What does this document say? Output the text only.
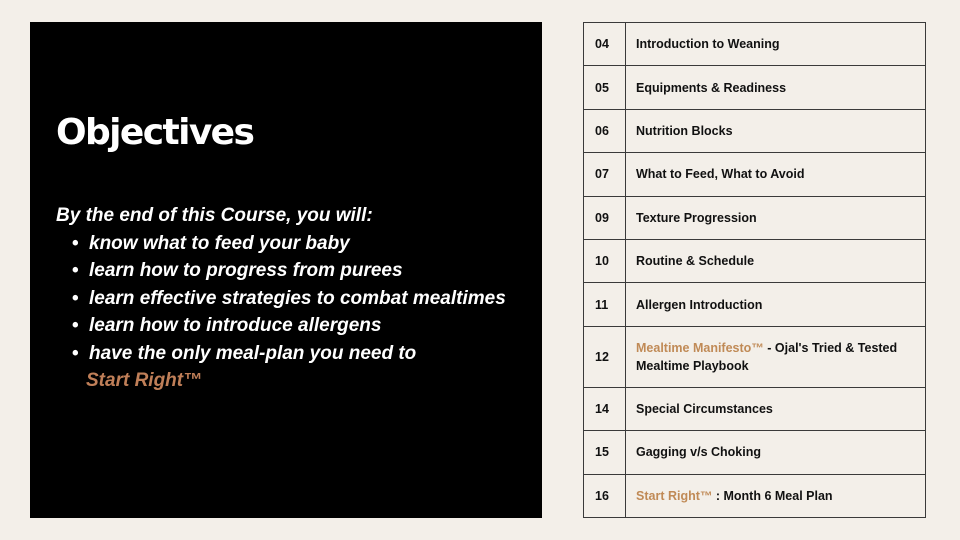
Objectives
By the end of this Course, you will:
• know what to feed your baby
• learn how to progress from purees
• learn effective strategies to combat mealtimes
• learn how to introduce allergens
• have the only meal-plan you need to
Start Right™
04	Introduction to Weaning
05	Equipments & Readiness
06	Nutrition Blocks
07	What to Feed, What to Avoid
09	Texture Progression
10	Routine & Schedule
11	Allergen Introduction
12	Mealtime Manifesto™ - Ojal's Tried & Tested Mealtime Playbook
14	Special Circumstances
15	Gagging v/s Choking
16	Start Right™ : Month 6 Meal Plan
